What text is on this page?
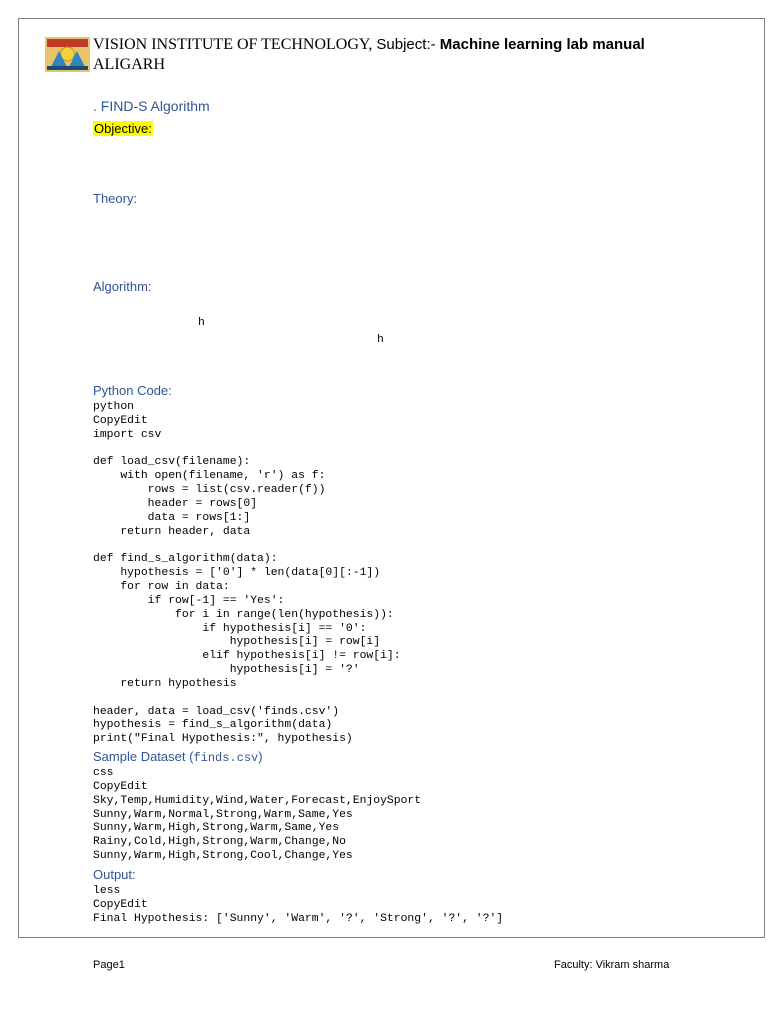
VISION INSTITUTE OF TECHNOLOGY, Subject:- Machine learning lab manual
ALIGARH
. FIND-S Algorithm
Objective:
Theory:
Algorithm:
h
h
Python Code:
python
CopyEdit
import csv

def load_csv(filename):
with open(filename, 'r') as f:
rows = list(csv.reader(f))
header = rows[0]
data = rows[1:]
return header, data

def find_s_algorithm(data):
hypothesis = ['0'] * len(data[0][:-1])
for row in data:
if row[-1] == 'Yes':
for i in range(len(hypothesis)):
if hypothesis[i] == '0':
hypothesis[i] = row[i]
elif hypothesis[i] != row[i]:
hypothesis[i] = '?'
return hypothesis

header, data = load_csv('finds.csv')
hypothesis = find_s_algorithm(data)
print("Final Hypothesis:", hypothesis)
Sample Dataset (finds.csv)
css
CopyEdit
Sky,Temp,Humidity,Wind,Water,Forecast,EnjoySport
Sunny,Warm,Normal,Strong,Warm,Same,Yes
Sunny,Warm,High,Strong,Warm,Same,Yes
Rainy,Cold,High,Strong,Warm,Change,No
Sunny,Warm,High,Strong,Cool,Change,Yes
Output:
less
CopyEdit
Final Hypothesis: ['Sunny', 'Warm', '?', 'Strong', '?', '?']
Page1	Faculty: Vikram sharma
